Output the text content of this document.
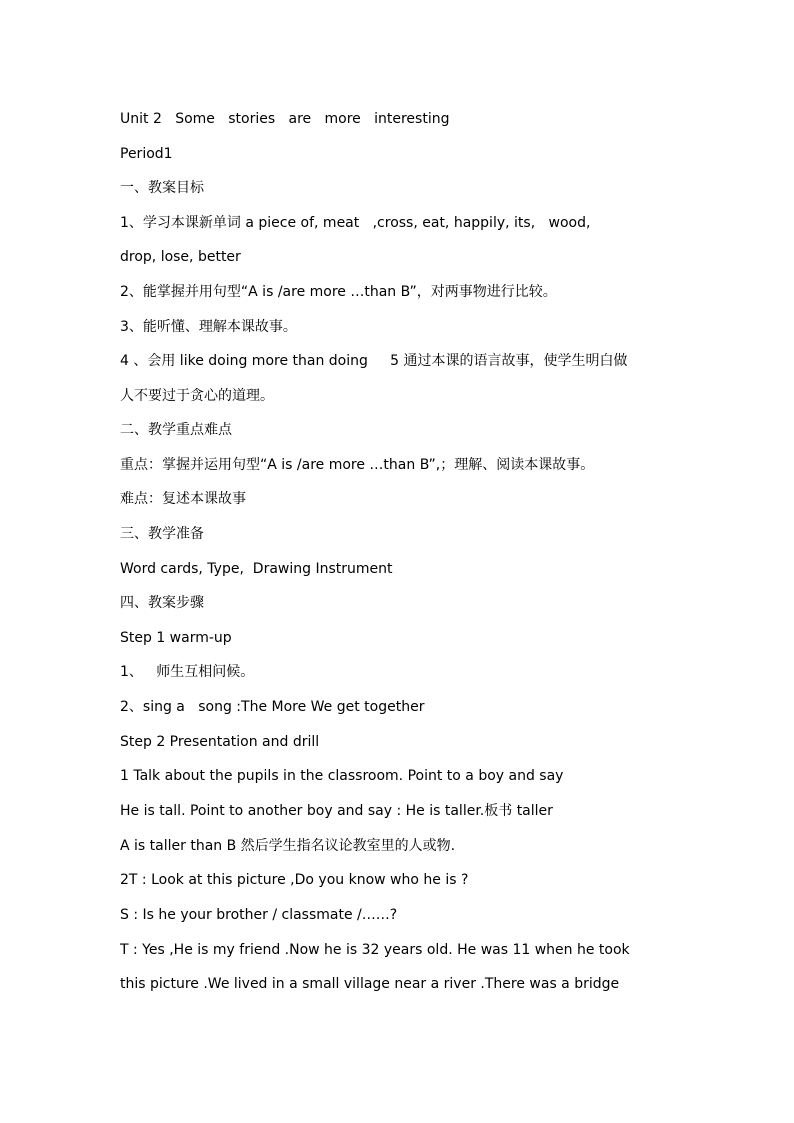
Unit 2   Some   stories   are   more   interesting
Period1
一、教案目标
1、学习本课新单词 a piece of, meat   ,cross, eat, happily, its,   wood,
drop, lose, better
2、能掌握并用句型“A is /are more …than B”，对两事物进行比较。
3、能听懂、理解本课故事。
4 、会用 like doing more than doing     5 通过本课的语言故事，使学生明白做
人不要过于贪心的道理。
二、教学重点难点
重点：掌握并运用句型“A is /are more …than B”,；理解、阅读本课故事。
难点：复述本课故事
三、教学准备
Word cards, Type,  Drawing Instrument
四、教案步骤
Step 1 warm-up
1、   师生互相问候。
2、sing a   song :The More We get together
Step 2 Presentation and drill
1 Talk about the pupils in the classroom. Point to a boy and say
He is tall. Point to another boy and say : He is taller.板书 taller
A is taller than B 然后学生指名议论教室里的人或物.
2T : Look at this picture ,Do you know who he is ?
S : Is he your brother / classmate /……?
T : Yes ,He is my friend .Now he is 32 years old. He was 11 when he took
this picture .We lived in a small village near a river .There was a bridge
